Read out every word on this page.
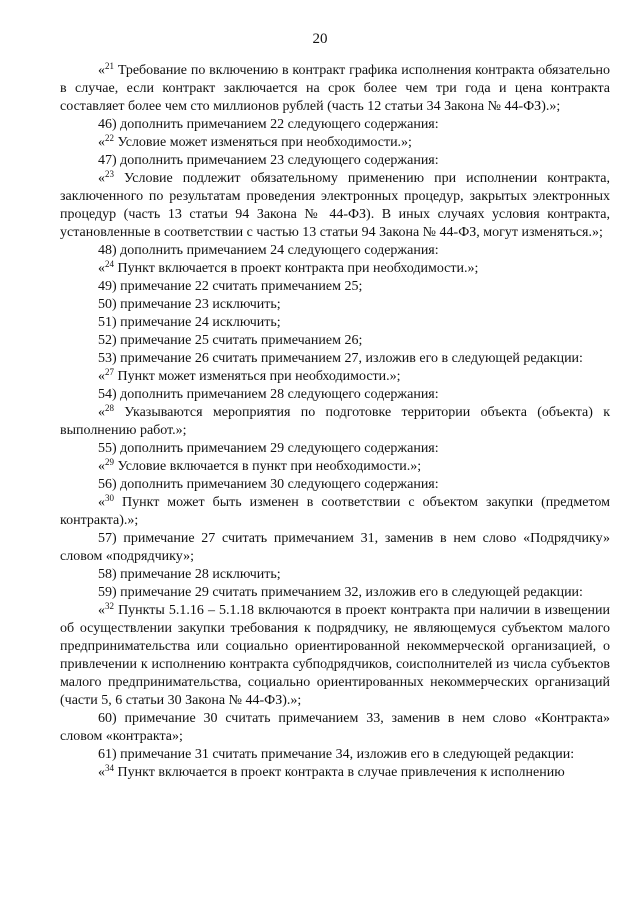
20

«$^{21}$ Требование по включению в контракт графика исполнения контракта обязательно в случае, если контракт заключается на срок более чем три года и цена контракта составляет более чем сто миллионов рублей (часть 12 статьи 34 Закона № 44-ФЗ).»;

46) дополнить примечанием 22 следующего содержания:

«$^{22}$ Условие может изменяться при необходимости.»;

47) дополнить примечанием 23 следующего содержания:

«$^{23}$ Условие подлежит обязательному применению при исполнении контракта, заключенного по результатам проведения электронных процедур, закрытых электронных процедур (часть 13 статьи 94 Закона № 44-ФЗ). В иных случаях условия контракта, установленные в соответствии с частью 13 статьи 94 Закона № 44-ФЗ, могут изменяться.»;

48) дополнить примечанием 24 следующего содержания:

«$^{24}$ Пункт включается в проект контракта при необходимости.»;

49) примечание 22 считать примечанием 25;

50) примечание 23 исключить;

51) примечание 24 исключить;

52) примечание 25 считать примечанием 26;

53) примечание 26 считать примечанием 27, изложив его в следующей редакции:

«$^{27}$ Пункт может изменяться при необходимости.»;

54) дополнить примечанием 28 следующего содержания:

«$^{28}$ Указываются мероприятия по подготовке территории объекта (объекта) к выполнению работ.»;

55) дополнить примечанием 29 следующего содержания:

«$^{29}$ Условие включается в пункт при необходимости.»;

56) дополнить примечанием 30 следующего содержания:

«$^{30}$ Пункт может быть изменен в соответствии с объектом закупки (предметом контракта).»;

57) примечание 27 считать примечанием 31, заменив в нем слово «Подрядчику» словом «подрядчику»;

58) примечание 28 исключить;

59) примечание 29 считать примечанием 32, изложив его в следующей редакции:

«$^{32}$ Пункты 5.1.16 – 5.1.18 включаются в проект контракта при наличии в извещении об осуществлении закупки требования к подрядчику, не являющемуся субъектом малого предпринимательства или социально ориентированной некоммерческой организацией, о привлечении к исполнению контракта субподрядчиков, соисполнителей из числа субъектов малого предпринимательства, социально ориентированных некоммерческих организаций (части 5, 6 статьи 30 Закона № 44-ФЗ).»;

60) примечание 30 считать примечанием 33, заменив в нем слово «Контракта» словом «контракта»;

61) примечание 31 считать примечание 34, изложив его в следующей редакции:

«$^{34}$ Пункт включается в проект контракта в случае привлечения к исполнению
